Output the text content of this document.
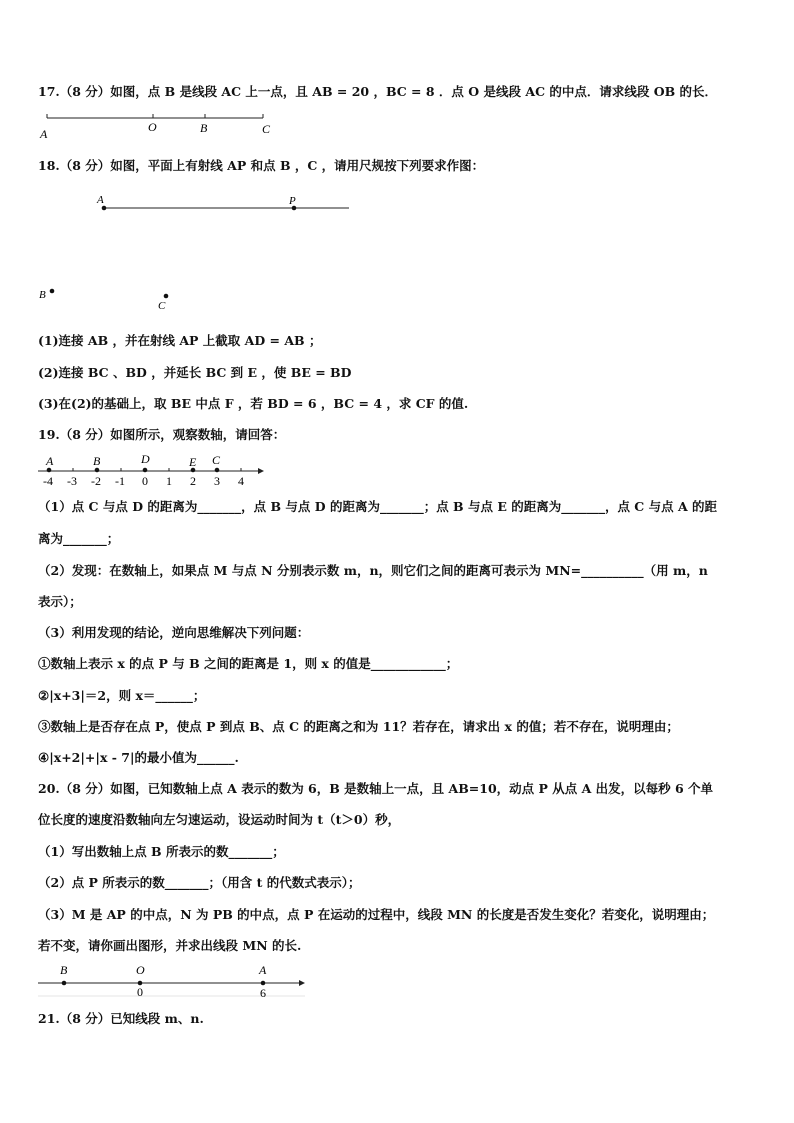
17.（8 分）如图，点 B 是线段 AC 上一点，且 AB = 20 ，BC = 8 ．点 O 是线段 AC 的中点．请求线段 OB 的长．
A	O	B	C
18.（8 分）如图，平面上有射线 AP 和点 B ，C ，请用尺规按下列要求作图：
A	P
B
C
(1)连接 AB ，并在射线 AP 上截取 AD = AB ；
(2)连接 BC 、BD ，并延长 BC 到 E ，使 BE = BD
(3)在(2)的基础上，取 BE 中点 F ，若 BD = 6 ，BC = 4 ，求 CF 的值.
19.（8 分）如图所示，观察数轴，请回答：
A	B	D	E C
-4 -3 -2 -1 0 1 2 3 4
（1）点 C 与点 D 的距离为_______，点 B 与点 D 的距离为_______；点 B 与点 E 的距离为_______，点 C 与点 A 的距
离为_______；
（2）发现：在数轴上，如果点 M 与点 N 分别表示数 m，n，则它们之间的距离可表示为 MN=__________（用 m，n
表示）；
（3）利用发现的结论，逆向思维解决下列问题：
①数轴上表示 x 的点 P 与 B 之间的距离是 1，则 x 的值是____________；
②|x+3|＝2，则 x＝______；
③数轴上是否存在点 P，使点 P 到点 B、点 C 的距离之和为 11？若存在，请求出 x 的值；若不存在，说明理由；
④|x+2|+|x - 7|的最小值为______.
20.（8 分）如图，已知数轴上点 A 表示的数为 6，B 是数轴上一点，且 AB=10，动点 P 从点 A 出发，以每秒 6 个单
位长度的速度沿数轴向左匀速运动，设运动时间为 t（t＞0）秒，
（1）写出数轴上点 B 所表示的数_______；
（2）点 P 所表示的数_______；（用含 t 的代数式表示）；
（3）M 是 AP 的中点，N 为 PB 的中点，点 P 在运动的过程中，线段 MN 的长度是否发生变化？若变化，说明理由；
若不变，请你画出图形，并求出线段 MN 的长.
B	O	A
0	6
21.（8 分）已知线段 m、n.
